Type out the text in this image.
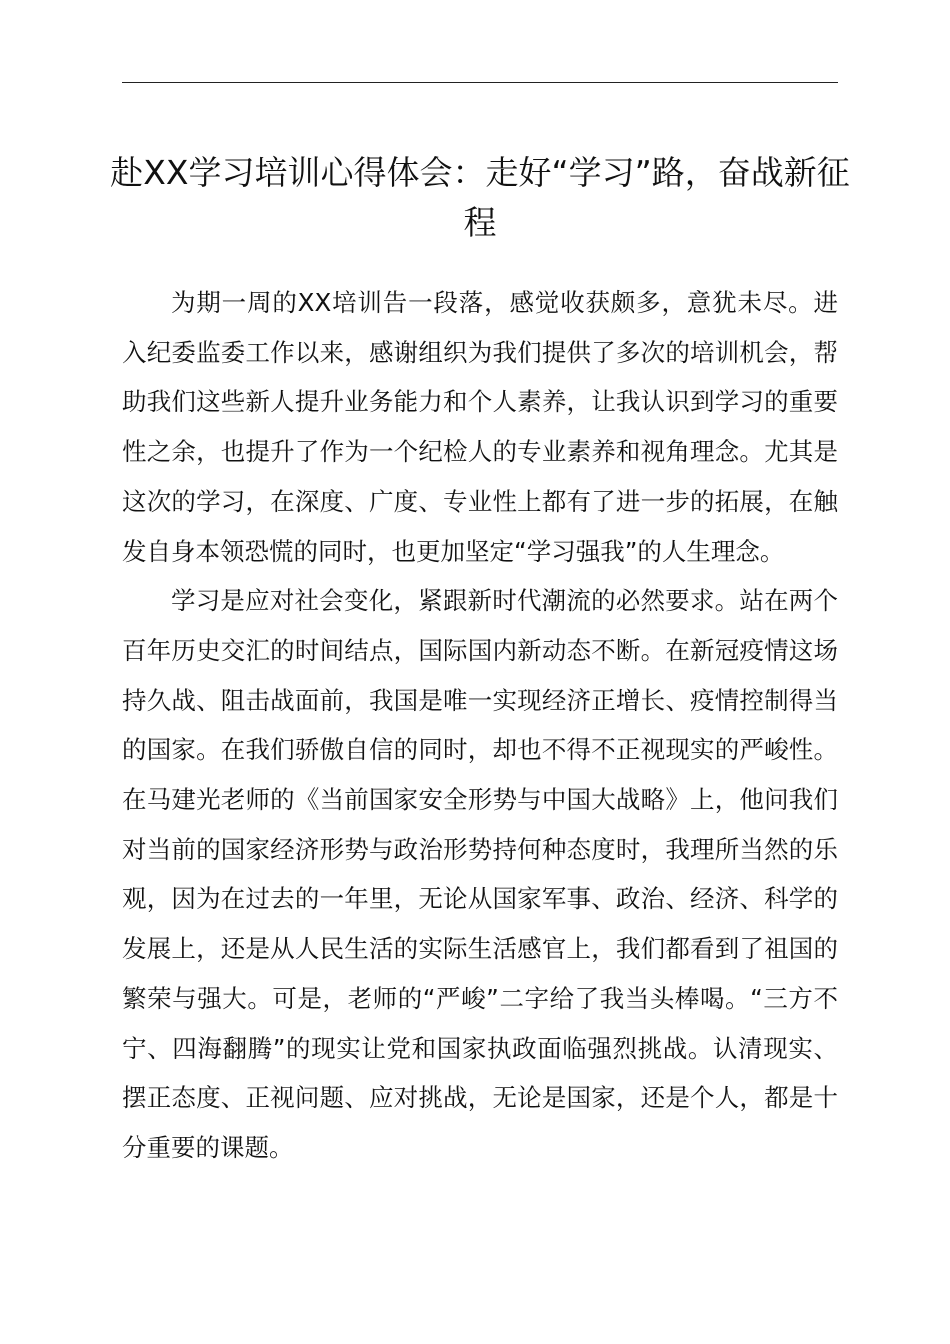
赴XX学习培训心得体会：走好“学习”路，奋战新征程

为期一周的XX培训告一段落，感觉收获颇多，意犹未尽。进入纪委监委工作以来，感谢组织为我们提供了多次的培训机会，帮助我们这些新人提升业务能力和个人素养，让我认识到学习的重要性之余，也提升了作为一个纪检人的专业素养和视角理念。尤其是这次的学习，在深度、广度、专业性上都有了进一步的拓展，在触发自身本领恐慌的同时，也更加坚定“学习强我”的人生理念。

学习是应对社会变化，紧跟新时代潮流的必然要求。站在两个百年历史交汇的时间结点，国际国内新动态不断。在新冠疫情这场持久战、阻击战面前，我国是唯一实现经济正增长、疫情控制得当的国家。在我们骄傲自信的同时，却也不得不正视现实的严峻性。在马建光老师的《当前国家安全形势与中国大战略》上，他问我们对当前的国家经济形势与政治形势持何种态度时，我理所当然的乐观，因为在过去的一年里，无论从国家军事、政治、经济、科学的发展上，还是从人民生活的实际生活感官上，我们都看到了祖国的繁荣与强大。可是，老师的“严峻”二字给了我当头棒喝。“三方不宁、四海翻腾”的现实让党和国家执政面临强烈挑战。认清现实、摆正态度、正视问题、应对挑战，无论是国家，还是个人，都是十分重要的课题。
